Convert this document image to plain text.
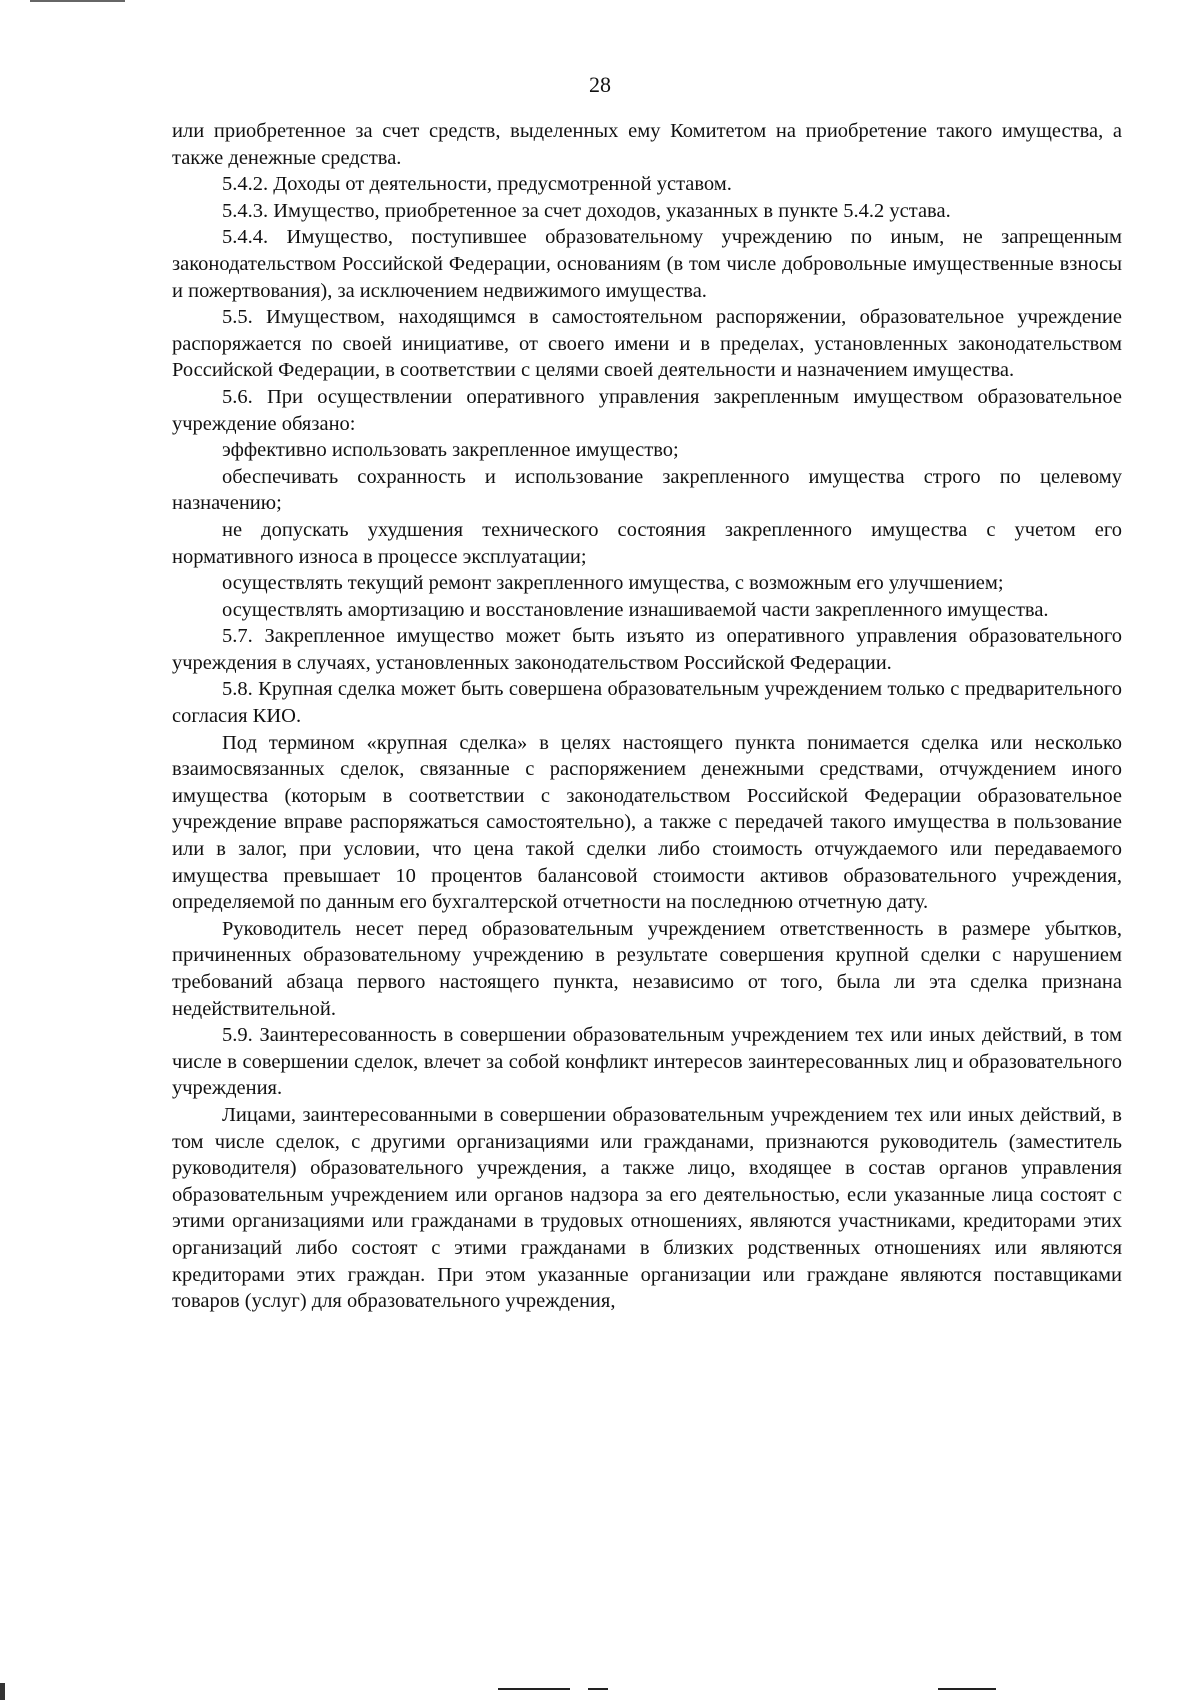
28

или приобретенное за счет средств, выделенных ему Комитетом на приобретение такого имущества, а также денежные средства.

5.4.2. Доходы от деятельности, предусмотренной уставом.

5.4.3. Имущество, приобретенное за счет доходов, указанных в пункте 5.4.2 устава.

5.4.4. Имущество, поступившее образовательному учреждению по иным, не запрещенным законодательством Российской Федерации, основаниям (в том числе добровольные имущественные взносы и пожертвования), за исключением недвижимого имущества.

5.5. Имуществом, находящимся в самостоятельном распоряжении, образовательное учреждение распоряжается по своей инициативе, от своего имени и в пределах, установленных законодательством Российской Федерации, в соответствии с целями своей деятельности и назначением имущества.

5.6. При осуществлении оперативного управления закрепленным имуществом образовательное учреждение обязано:

эффективно использовать закрепленное имущество;

обеспечивать сохранность и использование закрепленного имущества строго по целевому назначению;

не допускать ухудшения технического состояния закрепленного имущества с учетом его нормативного износа в процессе эксплуатации;

осуществлять текущий ремонт закрепленного имущества, с возможным его улучшением;

осуществлять амортизацию и восстановление изнашиваемой части закрепленного имущества.

5.7. Закрепленное имущество может быть изъято из оперативного управления образовательного учреждения в случаях, установленных законодательством Российской Федерации.

5.8. Крупная сделка может быть совершена образовательным учреждением только с предварительного согласия КИО.

Под термином «крупная сделка» в целях настоящего пункта понимается сделка или несколько взаимосвязанных сделок, связанные с распоряжением денежными средствами, отчуждением иного имущества (которым в соответствии с законодательством Российской Федерации образовательное учреждение вправе распоряжаться самостоятельно), а также с передачей такого имущества в пользование или в залог, при условии, что цена такой сделки либо стоимость отчуждаемого или передаваемого имущества превышает 10 процентов балансовой стоимости активов образовательного учреждения, определяемой по данным его бухгалтерской отчетности на последнюю отчетную дату.

Руководитель несет перед образовательным учреждением ответственность в размере убытков, причиненных образовательному учреждению в результате совершения крупной сделки с нарушением требований абзаца первого настоящего пункта, независимо от того, была ли эта сделка признана недействительной.

5.9. Заинтересованность в совершении образовательным учреждением тех или иных действий, в том числе в совершении сделок, влечет за собой конфликт интересов заинтересованных лиц и образовательного учреждения.

Лицами, заинтересованными в совершении образовательным учреждением тех или иных действий, в том числе сделок, с другими организациями или гражданами, признаются руководитель (заместитель руководителя) образовательного учреждения, а также лицо, входящее в состав органов управления образовательным учреждением или органов надзора за его деятельностью, если указанные лица состоят с этими организациями или гражданами в трудовых отношениях, являются участниками, кредиторами этих организаций либо состоят с этими гражданами в близких родственных отношениях или являются кредиторами этих граждан. При этом указанные организации или граждане являются поставщиками товаров (услуг) для образовательного учреждения,
